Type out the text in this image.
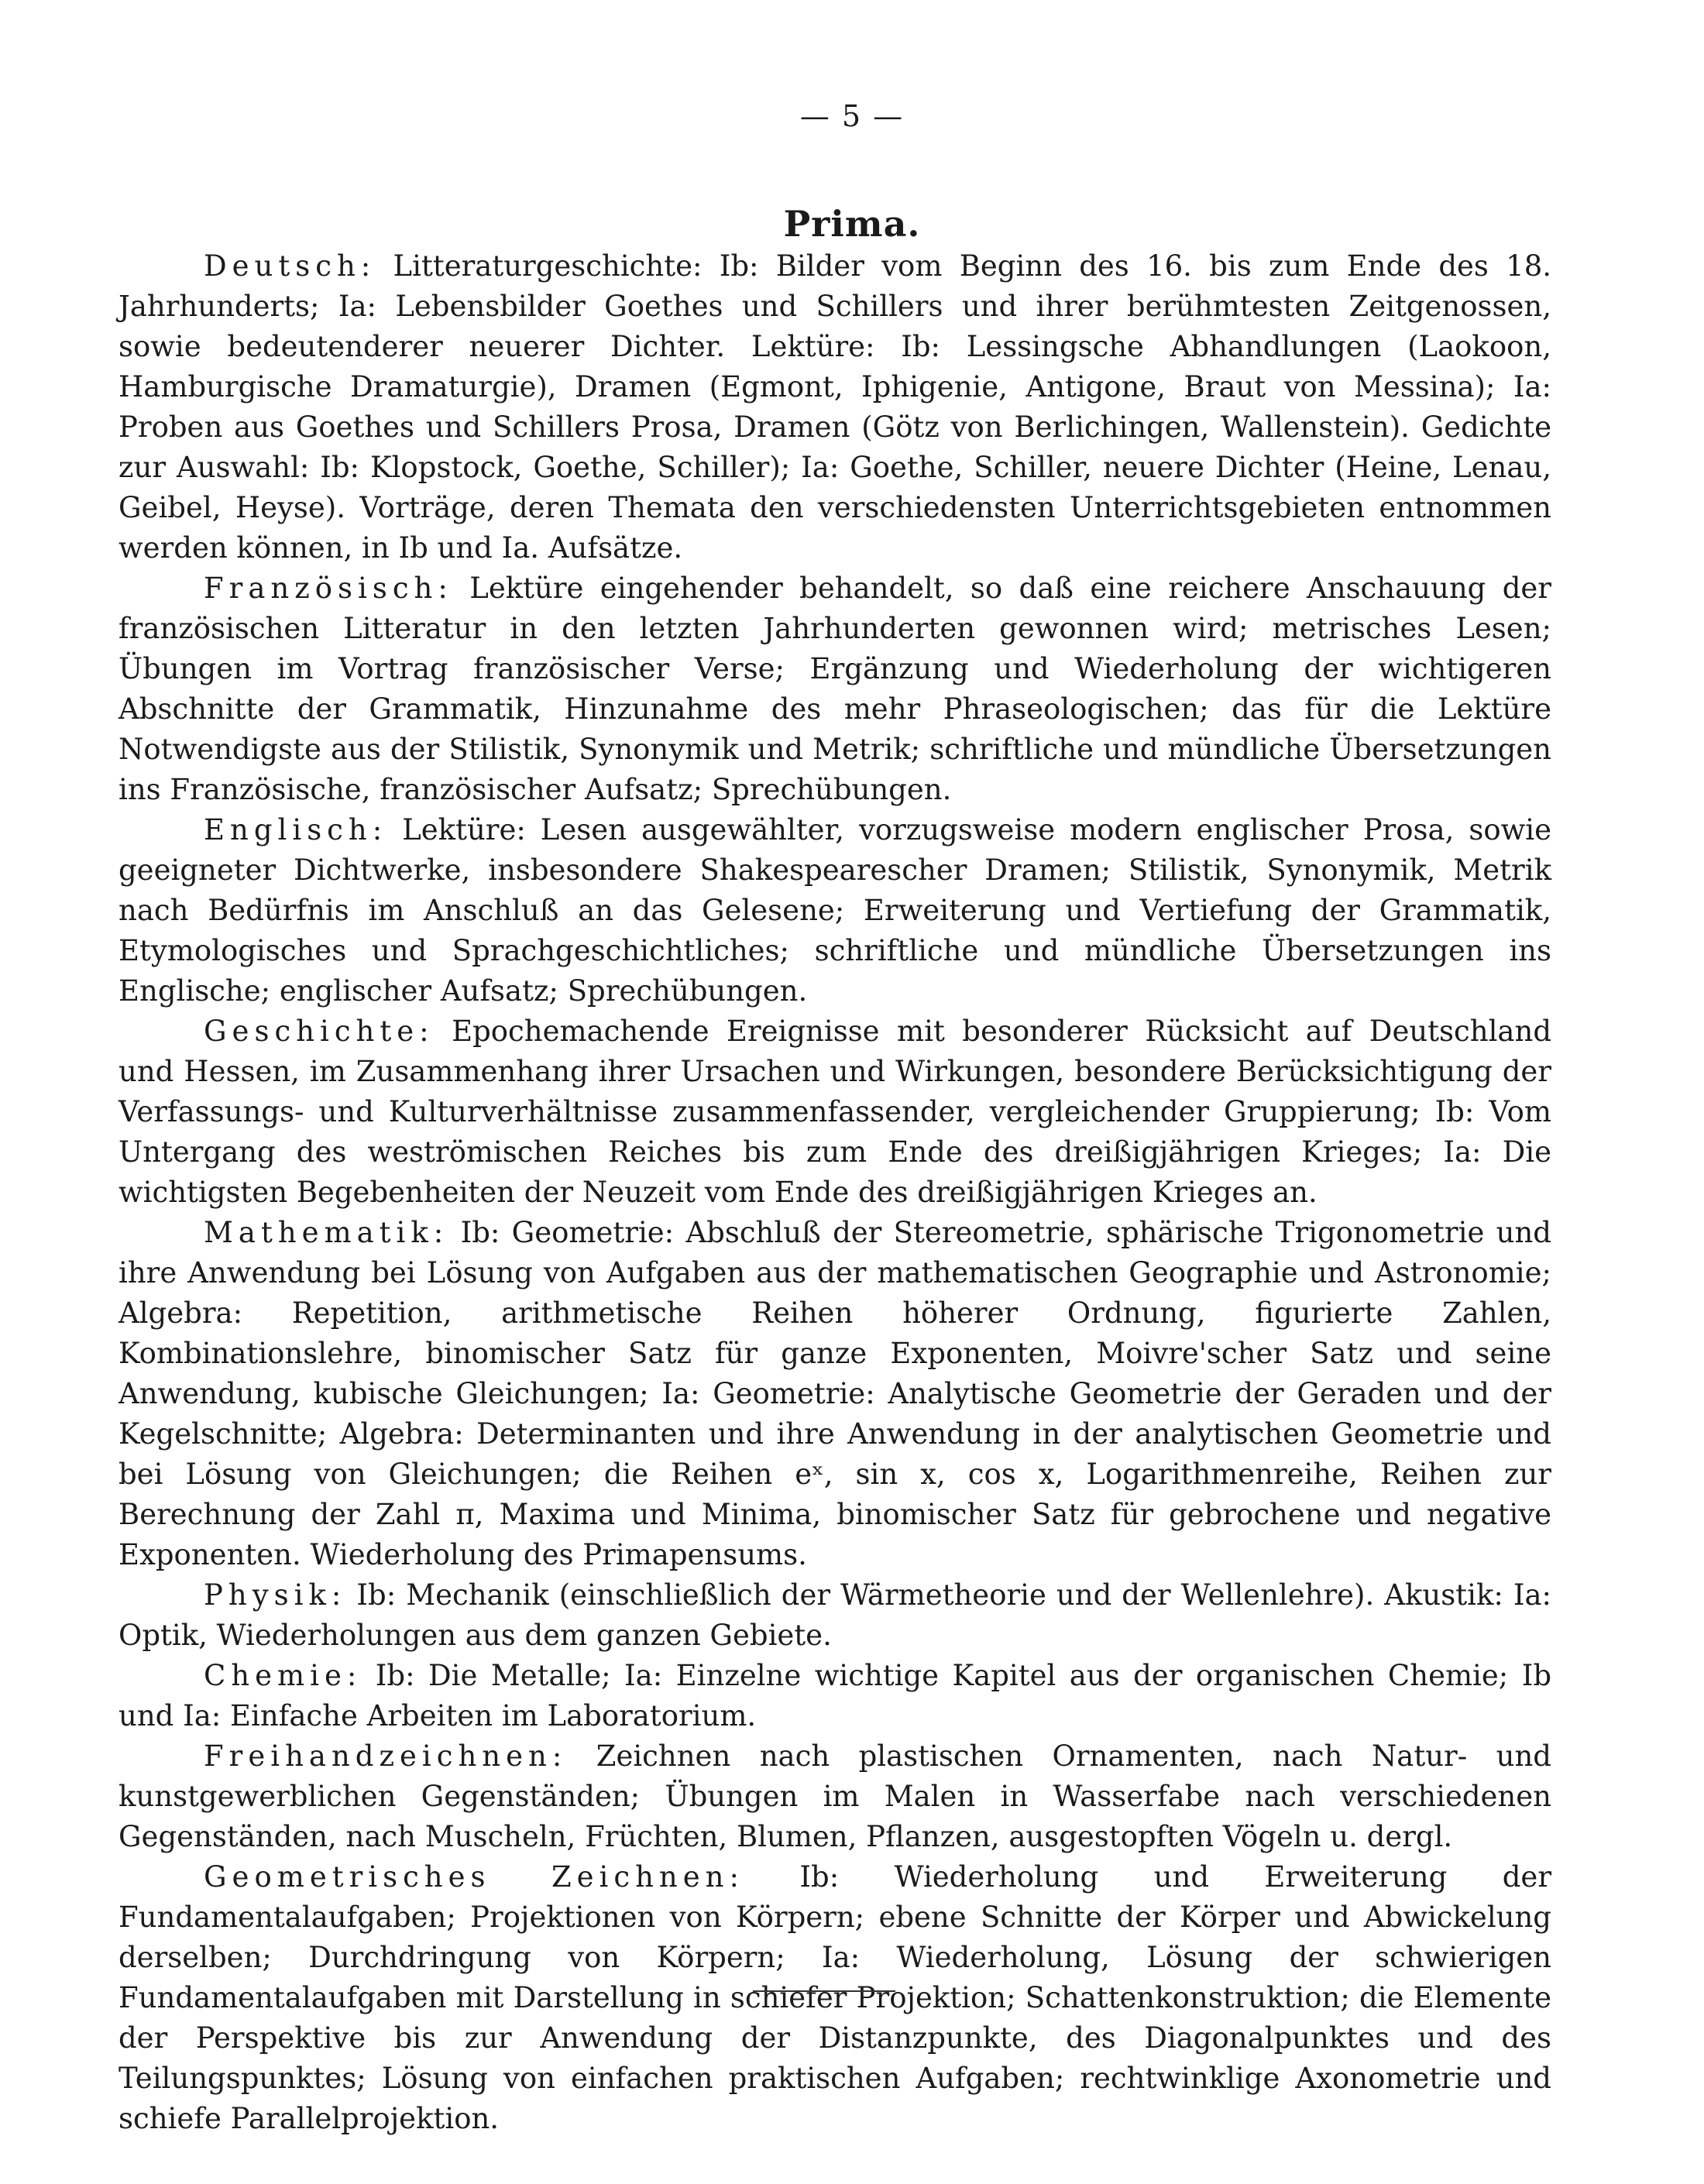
— 5 —
Prima.

Deutsch: Litteraturgeschichte: Ib: Bilder vom Beginn des 16. bis zum Ende des 18. Jahrhunderts; Ia: Lebensbilder Goethes und Schillers und ihrer berühmtesten Zeitgenossen, sowie bedeutenderer neuerer Dichter. Lektüre: Ib: Lessingsche Abhandlungen (Laokoon, Hamburgische Dramaturgie), Dramen (Egmont, Iphigenie, Antigone, Braut von Messina); Ia: Proben aus Goethes und Schillers Prosa, Dramen (Götz von Berlichingen, Wallenstein). Gedichte zur Auswahl: Ib: Klopstock, Goethe, Schiller); Ia: Goethe, Schiller, neuere Dichter (Heine, Lenau, Geibel, Heyse). Vorträge, deren Themata den verschiedensten Unterrichtsgebieten entnommen werden können, in Ib und Ia. Aufsätze.

Französisch: Lektüre eingehender behandelt, so daß eine reichere Anschauung der französischen Litteratur in den letzten Jahrhunderten gewonnen wird; metrisches Lesen; Übungen im Vortrag französischer Verse; Ergänzung und Wiederholung der wichtigeren Abschnitte der Grammatik, Hinzunahme des mehr Phraseologischen; das für die Lektüre Notwendigste aus der Stilistik, Synonymik und Metrik; schriftliche und mündliche Übersetzungen ins Französische, französischer Aufsatz; Sprechübungen.

Englisch: Lektüre: Lesen ausgewählter, vorzugsweise modern englischer Prosa, sowie geeigneter Dichtwerke, insbesondere Shakespearescher Dramen; Stilistik, Synonymik, Metrik nach Bedürfnis im Anschluß an das Gelesene; Erweiterung und Vertiefung der Grammatik, Etymologisches und Sprachgeschichtliches; schriftliche und mündliche Übersetzungen ins Englische; englischer Aufsatz; Sprechübungen.

Geschichte: Epochemachende Ereignisse mit besonderer Rücksicht auf Deutschland und Hessen, im Zusammenhang ihrer Ursachen und Wirkungen, besondere Berücksichtigung der Verfassungs- und Kulturverhältnisse zusammenfassender, vergleichender Gruppierung; Ib: Vom Untergang des weströmischen Reiches bis zum Ende des dreißigjährigen Krieges; Ia: Die wichtigsten Begebenheiten der Neuzeit vom Ende des dreißigjährigen Krieges an.

Mathematik: Ib: Geometrie: Abschluß der Stereometrie, sphärische Trigonometrie und ihre Anwendung bei Lösung von Aufgaben aus der mathematischen Geographie und Astronomie; Algebra: Repetition, arithmetische Reihen höherer Ordnung, figurierte Zahlen, Kombinationslehre, binomischer Satz für ganze Exponenten, Moivre'scher Satz und seine Anwendung, kubische Gleichungen; Ia: Geometrie: Analytische Geometrie der Geraden und der Kegelschnitte; Algebra: Determinanten und ihre Anwendung in der analytischen Geometrie und bei Lösung von Gleichungen; die Reihen eˣ, sin x, cos x, Logarithmenreihe, Reihen zur Berechnung der Zahl π, Maxima und Minima, binomischer Satz für gebrochene und negative Exponenten. Wiederholung des Primapensums.

Physik: Ib: Mechanik (einschließlich der Wärmetheorie und der Wellenlehre). Akustik: Ia: Optik, Wiederholungen aus dem ganzen Gebiete.

Chemie: Ib: Die Metalle; Ia: Einzelne wichtige Kapitel aus der organischen Chemie; Ib und Ia: Einfache Arbeiten im Laboratorium.

Freihandzeichnen: Zeichnen nach plastischen Ornamenten, nach Natur- und kunstgewerblichen Gegenständen; Übungen im Malen in Wasserfabe nach verschiedenen Gegenständen, nach Muscheln, Früchten, Blumen, Pflanzen, ausgestopften Vögeln u. dergl.

Geometrisches Zeichnen: Ib: Wiederholung und Erweiterung der Fundamentalaufgaben; Projektionen von Körpern; ebene Schnitte der Körper und Abwickelung derselben; Durchdringung von Körpern; Ia: Wiederholung, Lösung der schwierigen Fundamentalaufgaben mit Darstellung in schiefer Projektion; Schattenkonstruktion; die Elemente der Perspektive bis zur Anwendung der Distanzpunkte, des Diagonalpunktes und des Teilungspunktes; Lösung von einfachen praktischen Aufgaben; rechtwinklige Axonometrie und schiefe Parallelprojektion.
